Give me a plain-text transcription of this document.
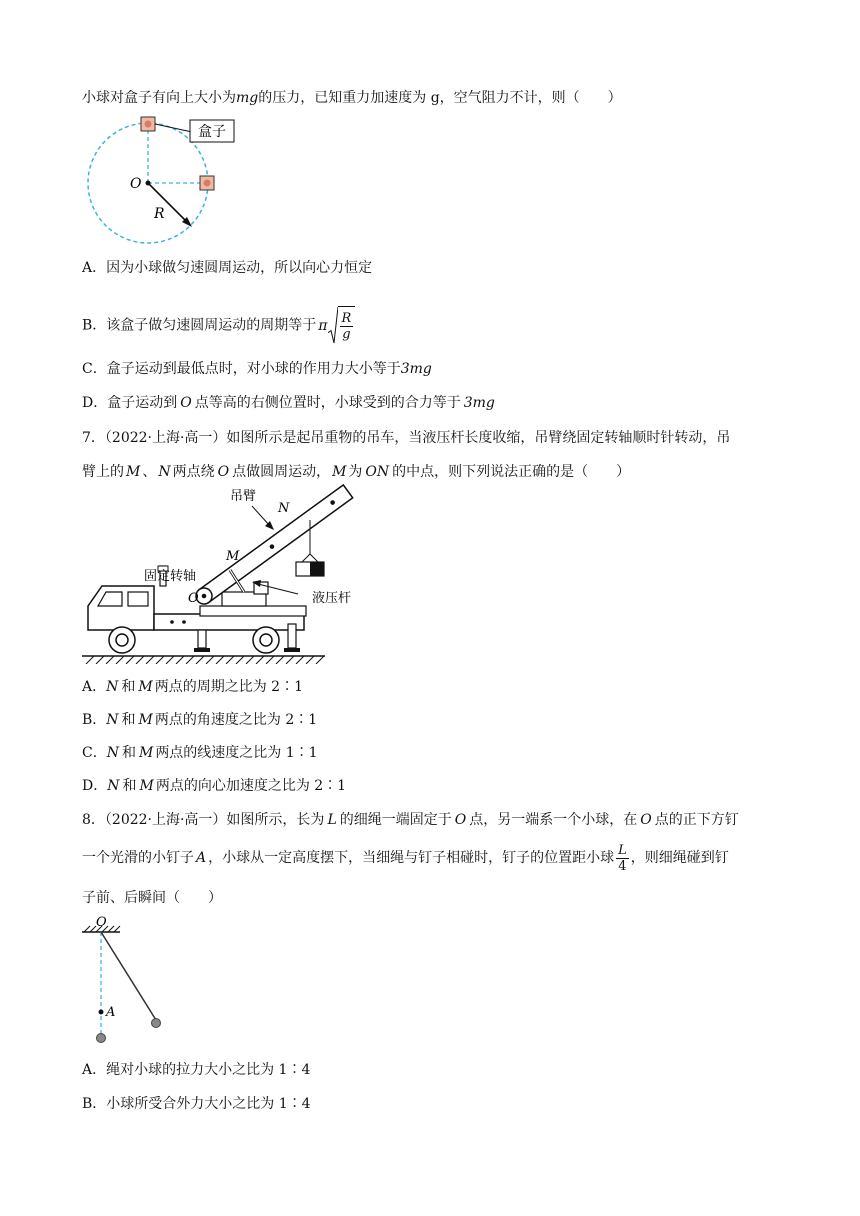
小球对盒子有向上大小为mg的压力，已知重力加速度为 g，空气阻力不计，则（　　）
盒子
O
R
A．因为小球做匀速圆周运动，所以向心力恒定
B．该盒子做匀速圆周运动的周期等于 π $\frac{R}{g}$
C．盒子运动到最低点时，对小球的作用力大小等于3mg
D．盒子运动到 O 点等高的右侧位置时，小球受到的合力等于 3mg
7．（2022·上海·高一）如图所示是起吊重物的吊车，当液压杆长度收缩，吊臂绕固定转轴顺时针转动，吊
臂上的 M 、 N 两点绕 O 点做圆周运动， M 为 ON 的中点，则下列说法正确的是（　　）
吊臂
N
M
固定转轴
O	液压杆
A．N 和 M 两点的周期之比为 2∶1
B．N 和 M 两点的角速度之比为 2∶1
C．N 和 M 两点的线速度之比为 1∶1
D．N 和 M 两点的向心加速度之比为 2∶1
8．（2022·上海·高一）如图所示，长为 L 的细绳一端固定于 O 点，另一端系一个小球，在 O 点的正下方钉
一个光滑的小钉子 A ，小球从一定高度摆下，当细绳与钉子相碰时，钉子的位置距小球 $\frac{L}{4}$ ，则细绳碰到钉
子前、后瞬间（　　）
O
A
A．绳对小球的拉力大小之比为 1∶4
B．小球所受合外力大小之比为 1∶4
